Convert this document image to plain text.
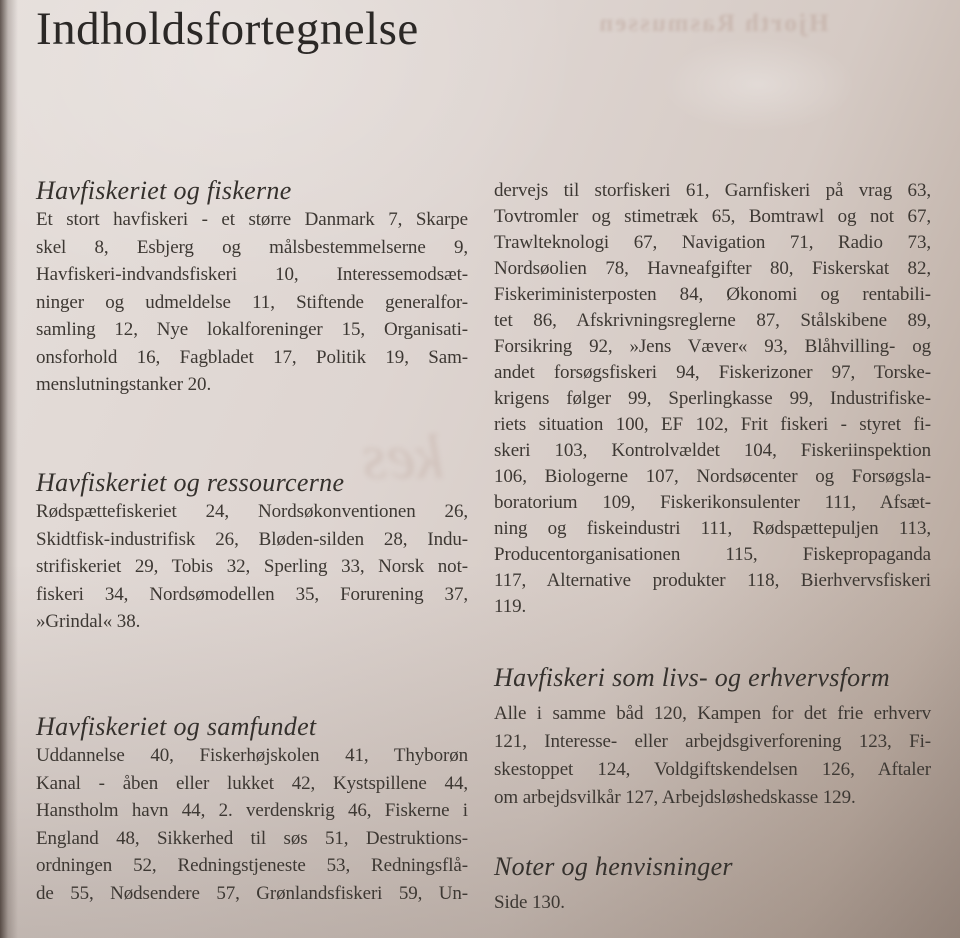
Hjorth Rasmussen
kes
Indholdsfortegnelse
Havfiskeriet og fiskerne
Et stort havfiskeri - et større Danmark 7, Skarpe
skel 8, Esbjerg og målsbestemmelserne 9,
Havfiskeri-indvandsfiskeri 10, Interessemodsæt-
ninger og udmeldelse 11, Stiftende generalfor-
samling 12, Nye lokalforeninger 15, Organisati-
onsforhold 16, Fagbladet 17, Politik 19, Sam-
menslutningstanker 20.
Havfiskeriet og ressourcerne
Rødspættefiskeriet 24, Nordsøkonventionen 26,
Skidtfisk-industrifisk 26, Bløden-silden 28, Indu-
strifiskeriet 29, Tobis 32, Sperling 33, Norsk not-
fiskeri 34, Nordsømodellen 35, Forurening 37,
»Grindal« 38.
Havfiskeriet og samfundet
Uddannelse 40, Fiskerhøjskolen 41, Thyborøn
Kanal - åben eller lukket 42, Kystspillene 44,
Hanstholm havn 44, 2. verdenskrig 46, Fiskerne i
England 48, Sikkerhed til søs 51, Destruktions-
ordningen 52, Redningstjeneste 53, Redningsflå-
de 55, Nødsendere 57, Grønlandsfiskeri 59, Un-
dervejs til storfiskeri 61, Garnfiskeri på vrag 63,
Tovtromler og stimetræk 65, Bomtrawl og not 67,
Trawlteknologi 67, Navigation 71, Radio 73,
Nordsøolien 78, Havneafgifter 80, Fiskerskat 82,
Fiskeriministerposten 84, Økonomi og rentabili-
tet 86, Afskrivningsreglerne 87, Stålskibene 89,
Forsikring 92, »Jens Væver« 93, Blåhvilling- og
andet forsøgsfiskeri 94, Fiskerizoner 97, Torske-
krigens følger 99, Sperlingkasse 99, Industrifiske-
riets situation 100, EF 102, Frit fiskeri - styret fi-
skeri 103, Kontrolvældet 104, Fiskeriinspektion
106, Biologerne 107, Nordsøcenter og Forsøgsla-
boratorium 109, Fiskerikonsulenter 111, Afsæt-
ning og fiskeindustri 111, Rødspættepuljen 113,
Producentorganisationen 115, Fiskepropaganda
117, Alternative produkter 118, Bierhvervsfiskeri
119.
Havfiskeri som livs- og erhvervsform
Alle i samme båd 120, Kampen for det frie erhverv
121, Interesse- eller arbejdsgiverforening 123, Fi-
skestoppet 124, Voldgiftskendelsen 126, Aftaler
om arbejdsvilkår 127, Arbejdsløshedskasse 129.
Noter og henvisninger
Side 130.
